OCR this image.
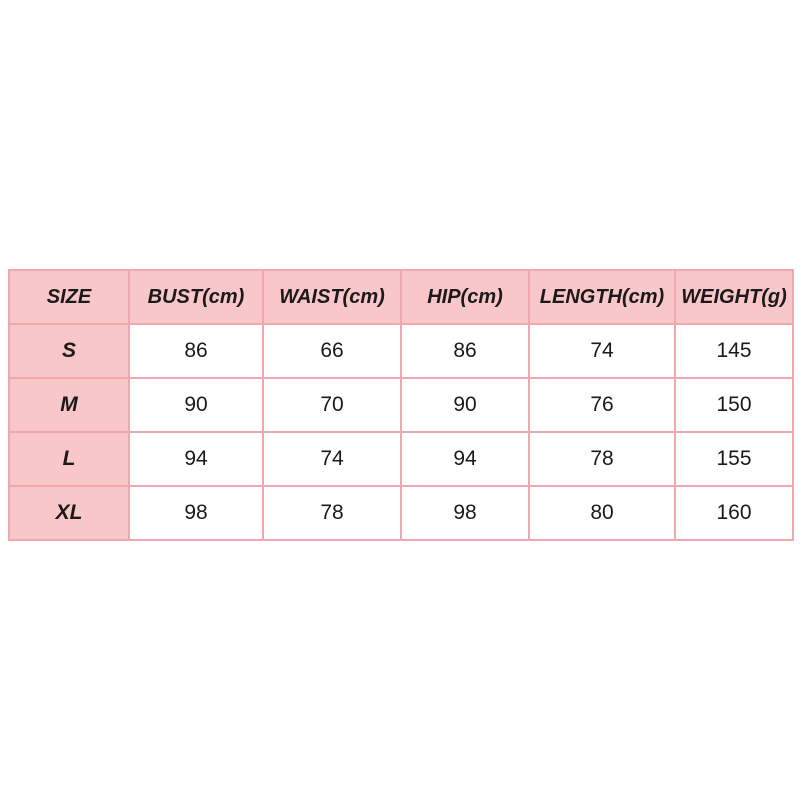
SIZE	BUST(cm)	WAIST(cm)	HIP(cm)	LENGTH(cm)	WEIGHT(g)
S	86	66	86	74	145
M	90	70	90	76	150
L	94	74	94	78	155
XL	98	78	98	80	160
